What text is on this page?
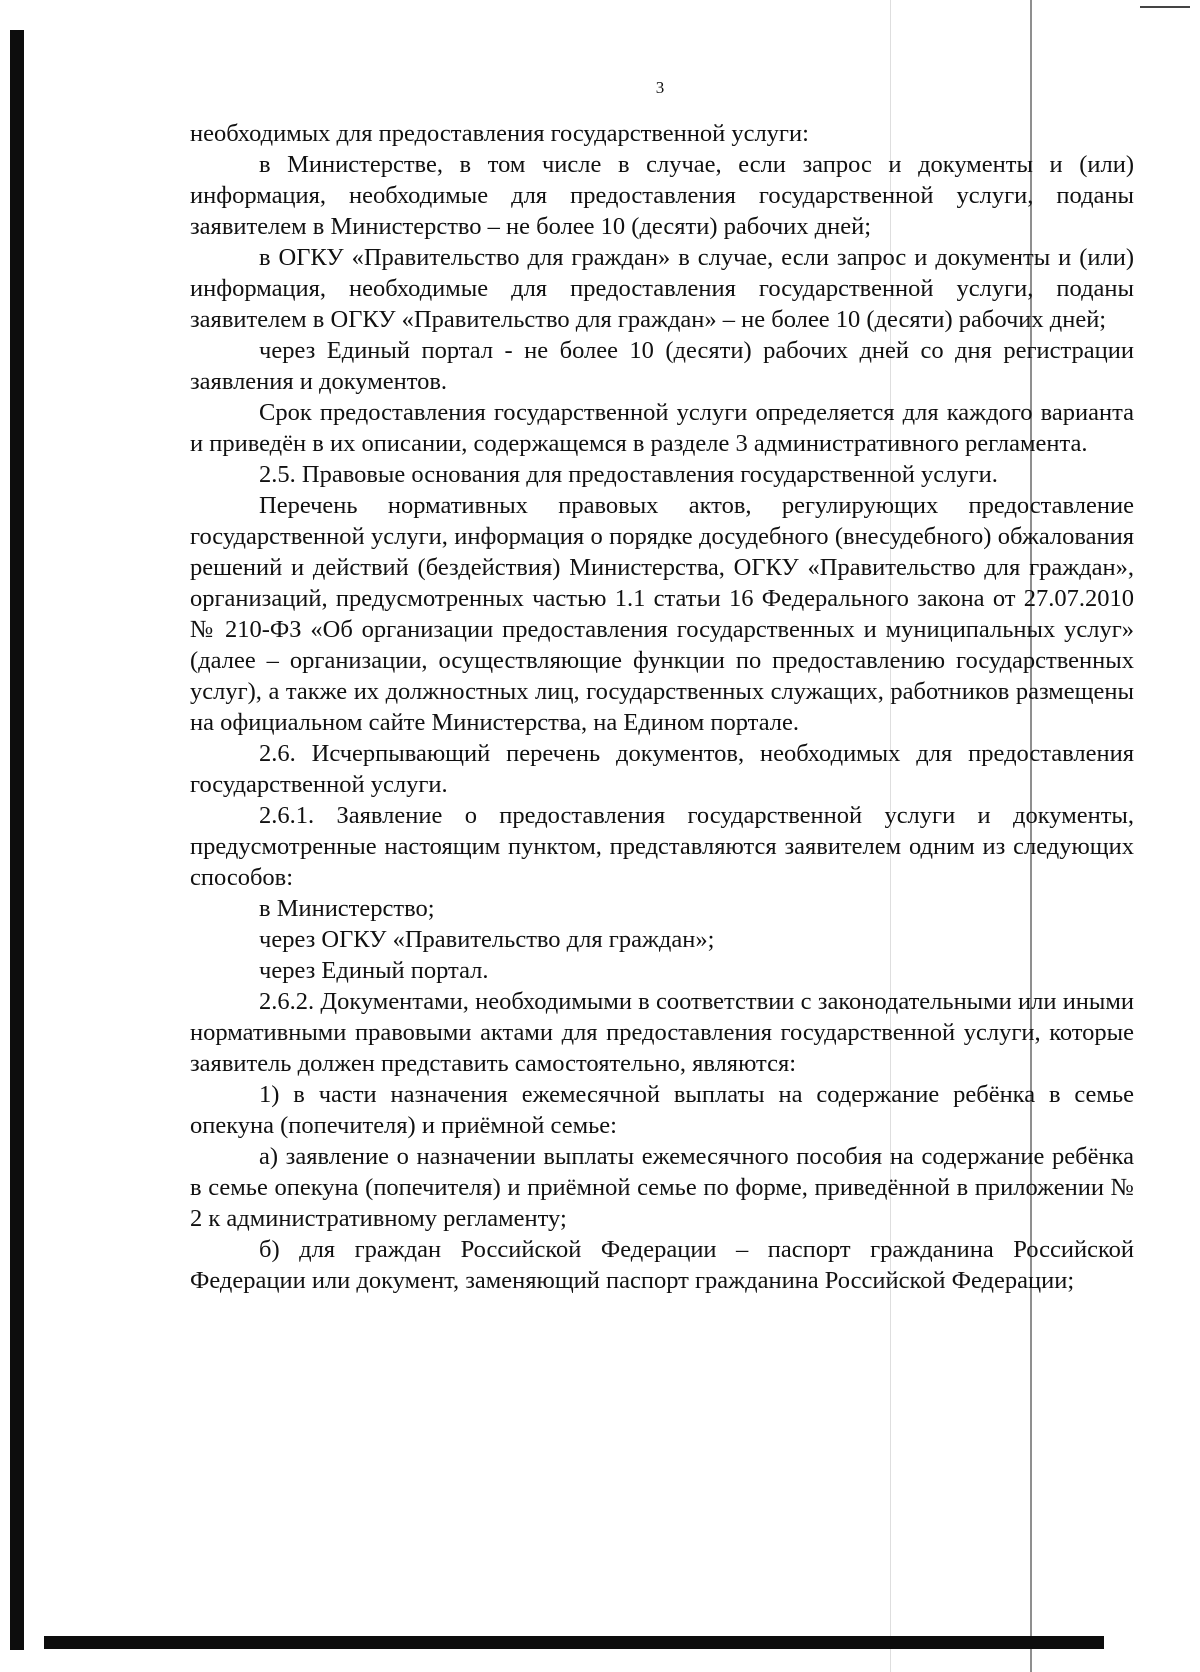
3

необходимых для предоставления государственной услуги:

в Министерстве, в том числе в случае, если запрос и документы и (или) информация, необходимые для предоставления государственной услуги, поданы заявителем в Министерство – не более 10 (десяти) рабочих дней;

в ОГКУ «Правительство для граждан» в случае, если запрос и документы и (или) информация, необходимые для предоставления государственной услуги, поданы заявителем в ОГКУ «Правительство для граждан» – не более 10 (десяти) рабочих дней;

через Единый портал - не более 10 (десяти) рабочих дней со дня регистрации заявления и документов.

Срок предоставления государственной услуги определяется для каждого варианта и приведён в их описании, содержащемся в разделе 3 административного регламента.

2.5. Правовые основания для предоставления государственной услуги.

Перечень нормативных правовых актов, регулирующих предоставление государственной услуги, информация о порядке досудебного (внесудебного) обжалования решений и действий (бездействия) Министерства, ОГКУ «Правительство для граждан», организаций, предусмотренных частью 1.1 статьи 16 Федерального закона от 27.07.2010 № 210-ФЗ «Об организации предоставления государственных и муниципальных услуг» (далее – организации, осуществляющие функции по предоставлению государственных услуг), а также их должностных лиц, государственных служащих, работников размещены на официальном сайте Министерства, на Едином портале.

2.6. Исчерпывающий перечень документов, необходимых для предоставления государственной услуги.

2.6.1. Заявление о предоставления государственной услуги и документы, предусмотренные настоящим пунктом, представляются заявителем одним из следующих способов:

в Министерство;

через ОГКУ «Правительство для граждан»;

через Единый портал.

2.6.2. Документами, необходимыми в соответствии с законодательными или иными нормативными правовыми актами для предоставления государственной услуги, которые заявитель должен представить самостоятельно, являются:

1) в части назначения ежемесячной выплаты на содержание ребёнка в семье опекуна (попечителя) и приёмной семье:

а) заявление о назначении выплаты ежемесячного пособия на содержание ребёнка в семье опекуна (попечителя) и приёмной семье по форме, приведённой в приложении № 2 к административному регламенту;

б) для граждан Российской Федерации – паспорт гражданина Российской Федерации или документ, заменяющий паспорт гражданина Российской Федерации;
